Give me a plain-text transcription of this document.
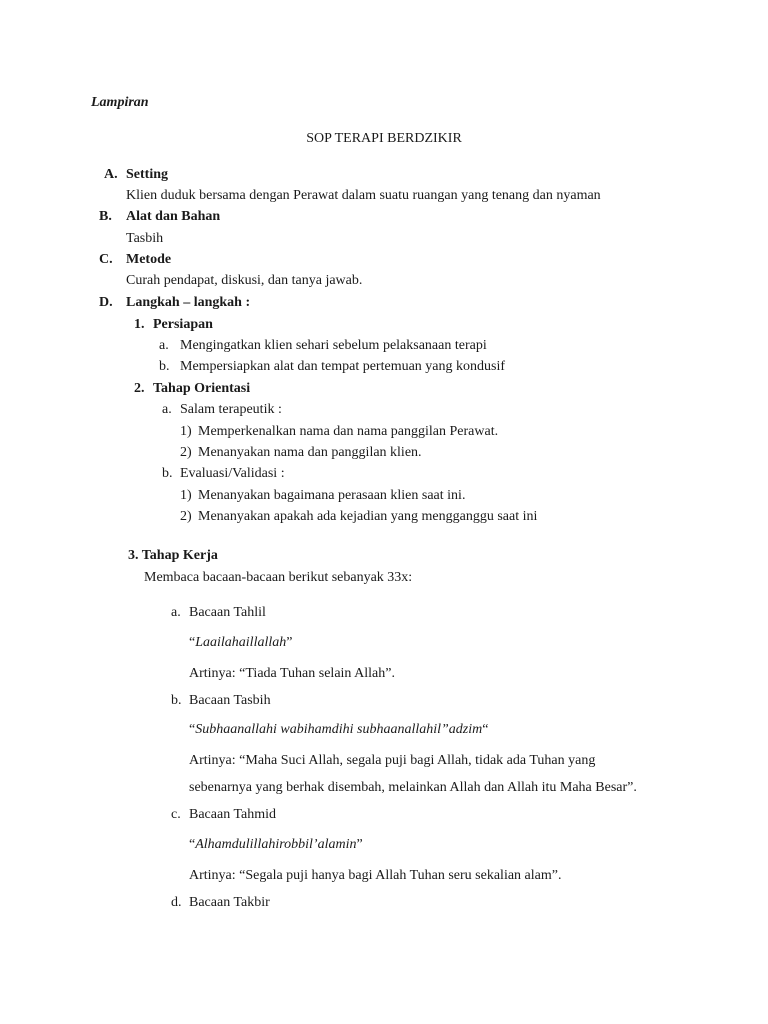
Lampiran
SOP TERAPI BERDZIKIR
A. Setting
Klien duduk bersama dengan Perawat dalam suatu ruangan yang tenang dan nyaman
B. Alat dan Bahan
Tasbih
C. Metode
Curah pendapat, diskusi, dan tanya jawab.
D. Langkah – langkah :
1. Persiapan
a. Mengingatkan klien sehari sebelum pelaksanaan terapi
b. Mempersiapkan alat dan tempat pertemuan yang kondusif
2. Tahap Orientasi
a. Salam terapeutik :
1) Memperkenalkan nama dan nama panggilan Perawat.
2) Menanyakan nama dan panggilan klien.
b. Evaluasi/Validasi :
1) Menanyakan bagaimana perasaan klien saat ini.
2) Menanyakan apakah ada kejadian yang mengganggu saat ini
3. Tahap Kerja
Membaca bacaan-bacaan berikut sebanyak 33x:
a. Bacaan Tahlil
“Laailahaillallah”
Artinya: “Tiada Tuhan selain Allah”.
b. Bacaan Tasbih
“Subhaanallahi wabihamdihi subhaanallahil”adzim“
Artinya: “Maha Suci Allah, segala puji bagi Allah, tidak ada Tuhan yang
sebenarnya yang berhak disembah, melainkan Allah dan Allah itu Maha Besar”.
c. Bacaan Tahmid
“Alhamdulillahirobbil’alamin”
Artinya: “Segala puji hanya bagi Allah Tuhan seru sekalian alam”.
d. Bacaan Takbir
